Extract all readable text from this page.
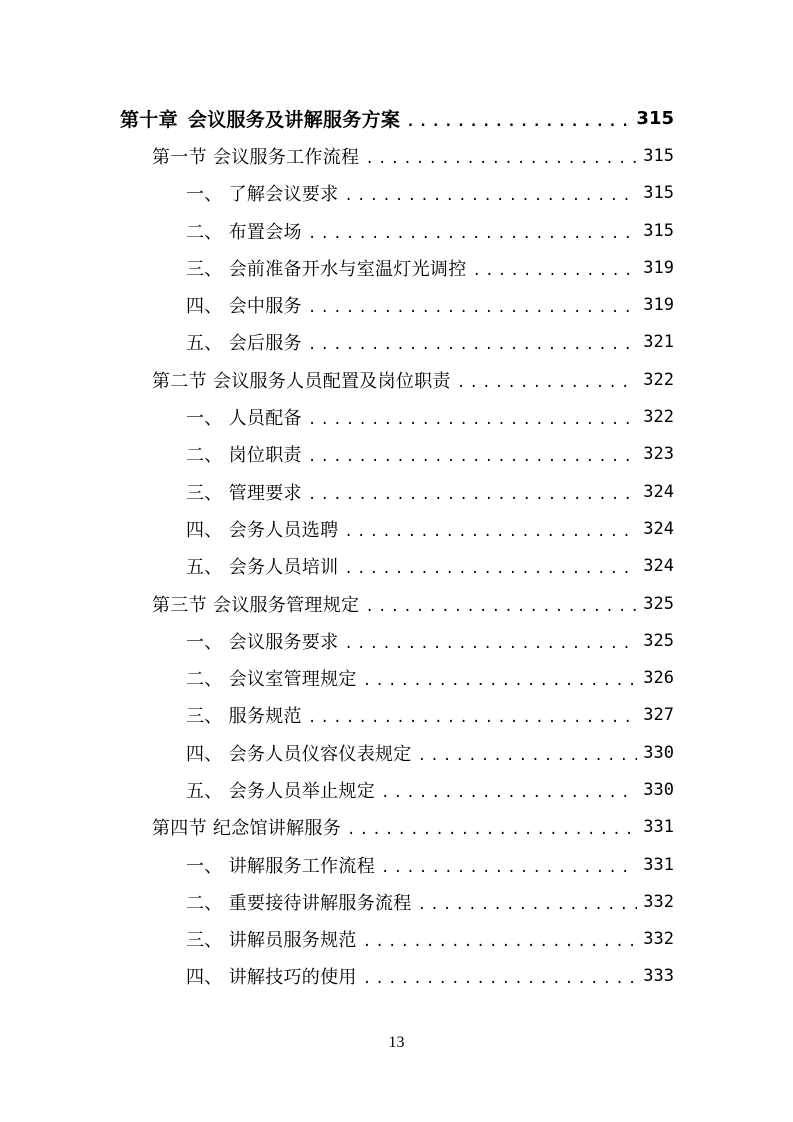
第十章 会议服务及讲解服务方案 .....	315
第一节 会议服务工作流程 .....	315
一、 了解会议要求 .....	315
二、 布置会场 .....	315
三、 会前准备开水与室温灯光调控 .....	319
四、 会中服务 .....	319
五、 会后服务 .....	321
第二节 会议服务人员配置及岗位职责 .....	322
一、 人员配备 .....	322
二、 岗位职责 .....	323
三、 管理要求 .....	324
四、 会务人员选聘 .....	324
五、 会务人员培训 .....	324
第三节 会议服务管理规定 .....	325
一、 会议服务要求 .....	325
二、 会议室管理规定 .....	326
三、 服务规范 .....	327
四、 会务人员仪容仪表规定 .....	330
五、 会务人员举止规定 .....	330
第四节 纪念馆讲解服务 .....	331
一、 讲解服务工作流程 .....	331
二、 重要接待讲解服务流程 .....	332
三、 讲解员服务规范 .....	332
四、 讲解技巧的使用 .....	333
13
